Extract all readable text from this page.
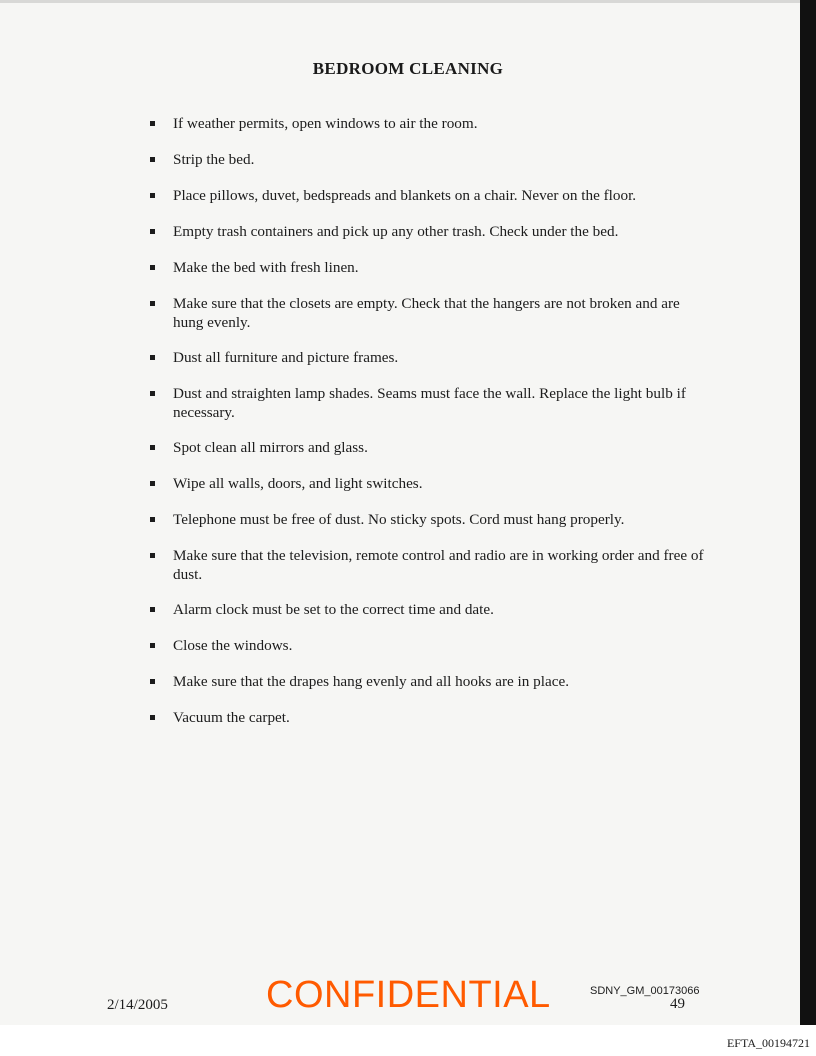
BEDROOM CLEANING
If weather permits, open windows to air the room.
Strip the bed.
Place pillows, duvet, bedspreads and blankets on a chair. Never on the floor.
Empty trash containers and pick up any other trash. Check under the bed.
Make the bed with fresh linen.
Make sure that the closets are empty. Check that the hangers are not broken and are hung evenly.
Dust all furniture and picture frames.
Dust and straighten lamp shades. Seams must face the wall. Replace the light bulb if necessary.
Spot clean all mirrors and glass.
Wipe all walls, doors, and light switches.
Telephone must be free of dust. No sticky spots. Cord must hang properly.
Make sure that the television, remote control and radio are in working order and free of dust.
Alarm clock must be set to the correct time and date.
Close the windows.
Make sure that the drapes hang evenly and all hooks are in place.
Vacuum the carpet.
2/14/2005	CONFIDENTIAL	SDNY_GM_00173066
49
EFTA_00194721
